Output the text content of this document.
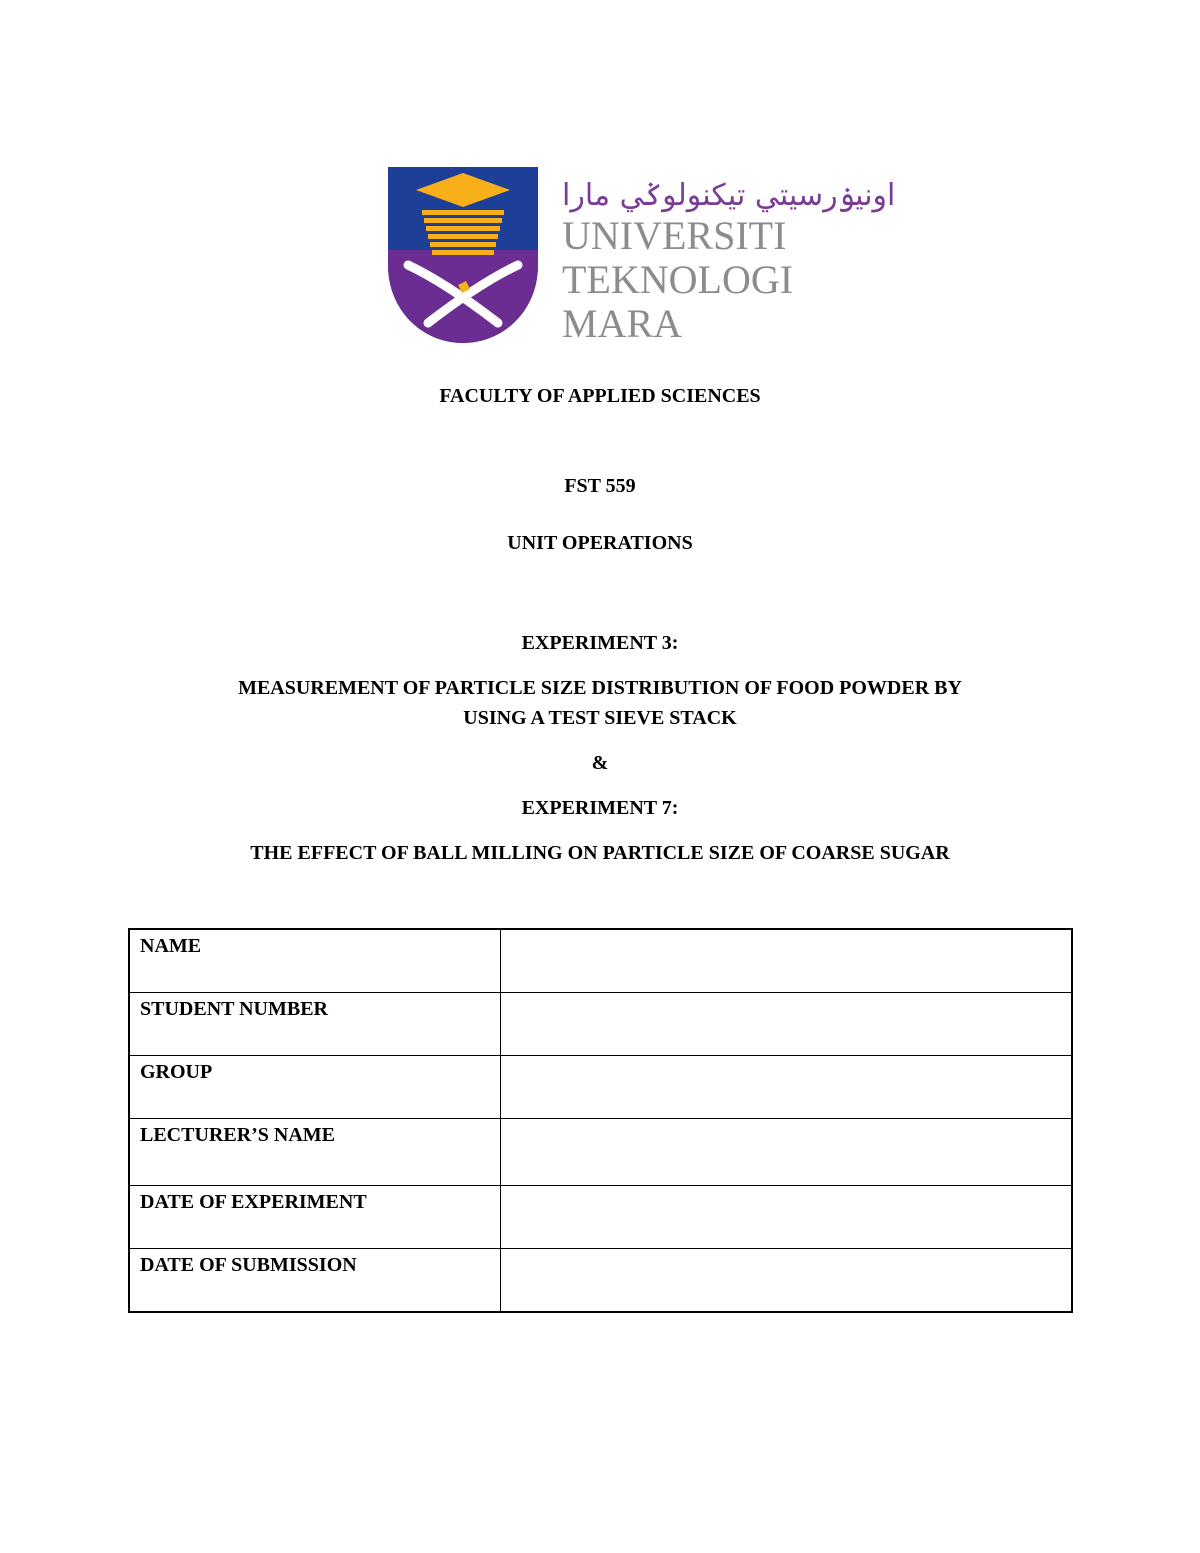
اونيۏرسيتي تيکنولوݢي مارا
UNIVERSITI
TEKNOLOGI
MARA

FACULTY OF APPLIED SCIENCES

FST 559

UNIT OPERATIONS

EXPERIMENT 3:

MEASUREMENT OF PARTICLE SIZE DISTRIBUTION OF FOOD POWDER BY

USING A TEST SIEVE STACK

&

EXPERIMENT 7:

THE EFFECT OF BALL MILLING ON PARTICLE SIZE OF COARSE SUGAR

NAME	
STUDENT NUMBER	
GROUP	
LECTURER’S NAME	
DATE OF EXPERIMENT	
DATE OF SUBMISSION	
